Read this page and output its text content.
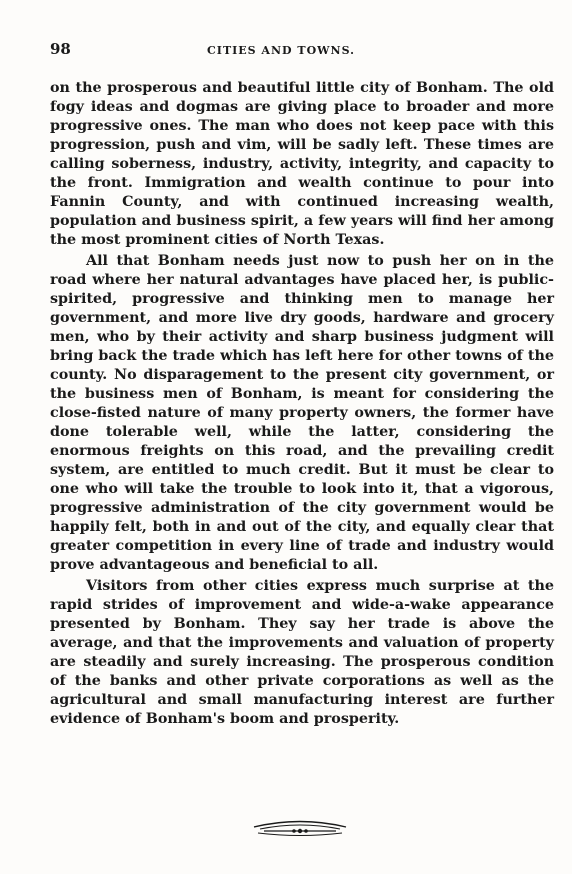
98	CITIES AND TOWNS.

on the prosperous and beautiful little city of Bonham. The old fogy ideas and dogmas are giving place to broader and more progressive ones. The man who does not keep pace with this progression, push and vim, will be sadly left. These times are calling soberness, industry, activity, integrity, and capacity to the front. Immigration and wealth continue to pour into Fannin County, and with continued increasing wealth, population and business spirit, a few years will find her among the most prominent cities of North Texas.

All that Bonham needs just now to push her on in the road where her natural advantages have placed her, is public-spirited, progressive and thinking men to manage her government, and more live dry goods, hardware and grocery men, who by their activity and sharp business judgment will bring back the trade which has left here for other towns of the county. No disparagement to the present city government, or the business men of Bonham, is meant for considering the close-fisted nature of many property owners, the former have done tolerable well, while the latter, considering the enormous freights on this road, and the prevailing credit system, are entitled to much credit. But it must be clear to one who will take the trouble to look into it, that a vigorous, progressive administration of the city government would be happily felt, both in and out of the city, and equally clear that greater competition in every line of trade and industry would prove advantageous and beneficial to all.

Visitors from other cities express much surprise at the rapid strides of improvement and wide-a-wake appearance presented by Bonham. They say her trade is above the average, and that the improvements and valuation of property are steadily and surely increasing. The prosperous condition of the banks and other private corporations as well as the agricultural and small manufacturing interest are further evidence of Bonham's boom and prosperity.
